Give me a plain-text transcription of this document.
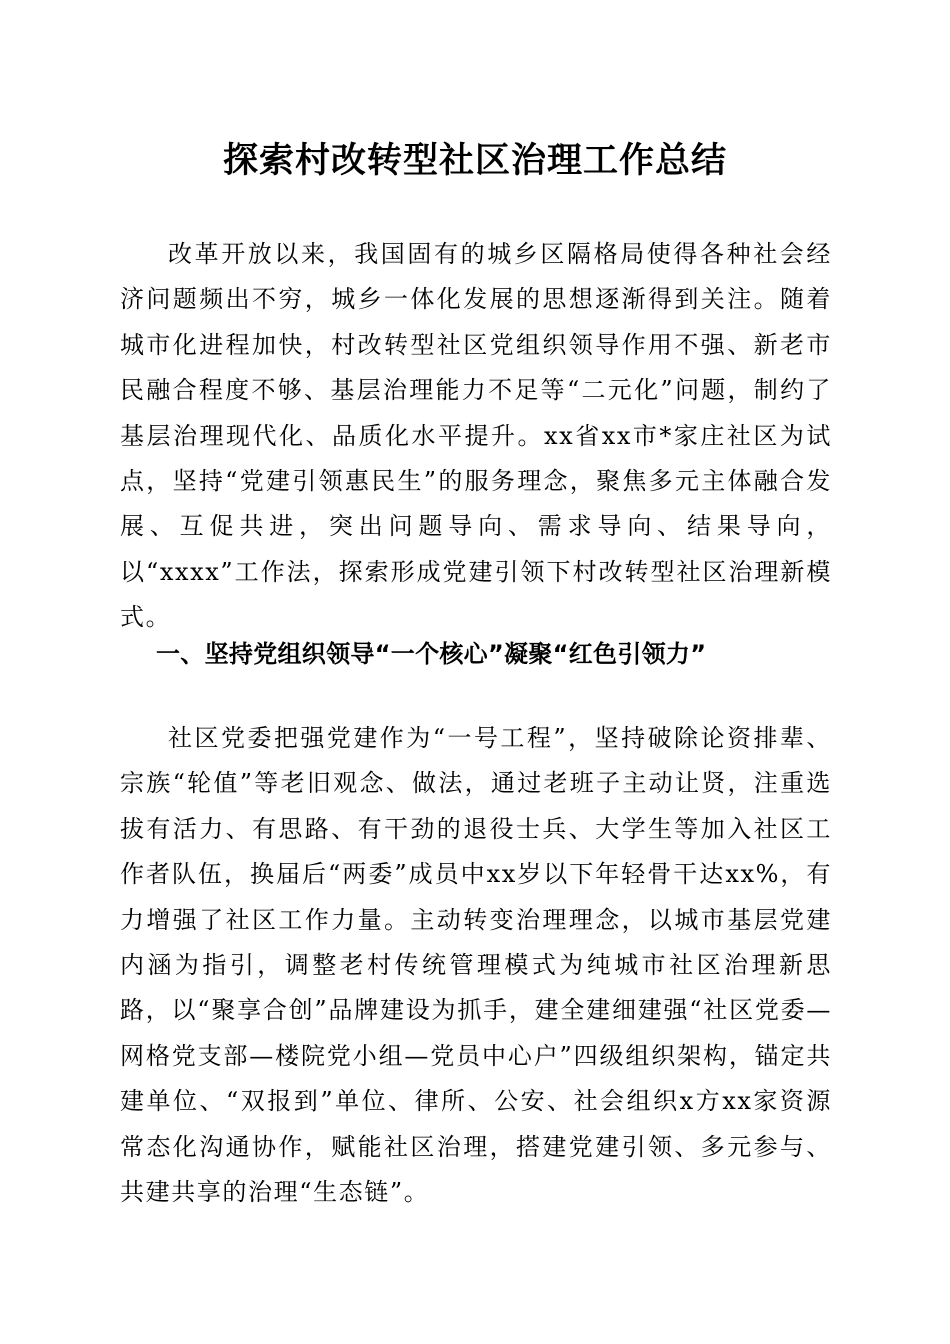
探索村改转型社区治理工作总结

改革开放以来，我国固有的城乡区隔格局使得各种社会经济问题频出不穷，城乡一体化发展的思想逐渐得到关注。随着城市化进程加快，村改转型社区党组织领导作用不强、新老市民融合程度不够、基层治理能力不足等“二元化”问题，制约了基层治理现代化、品质化水平提升。xx省xx市*家庄社区为试点，坚持“党建引领惠民生”的服务理念，聚焦多元主体融合发展、互促共进，突出问题导向、需求导向、结果导向，以“xxxx”工作法，探索形成党建引领下村改转型社区治理新模式。

一、坚持党组织领导“一个核心”凝聚“红色引领力”

社区党委把强党建作为“一号工程”，坚持破除论资排辈、宗族“轮值”等老旧观念、做法，通过老班子主动让贤，注重选拔有活力、有思路、有干劲的退役士兵、大学生等加入社区工作者队伍，换届后“两委”成员中xx岁以下年轻骨干达xx%，有力增强了社区工作力量。主动转变治理理念，以城市基层党建内涵为指引，调整老村传统管理模式为纯城市社区治理新思路，以“聚享合创”品牌建设为抓手，建全建细建强“社区党委—网格党支部—楼院党小组—党员中心户”四级组织架构，锚定共建单位、“双报到”单位、律所、公安、社会组织x方xx家资源常态化沟通协作，赋能社区治理，搭建党建引领、多元参与、共建共享的治理“生态链”。
